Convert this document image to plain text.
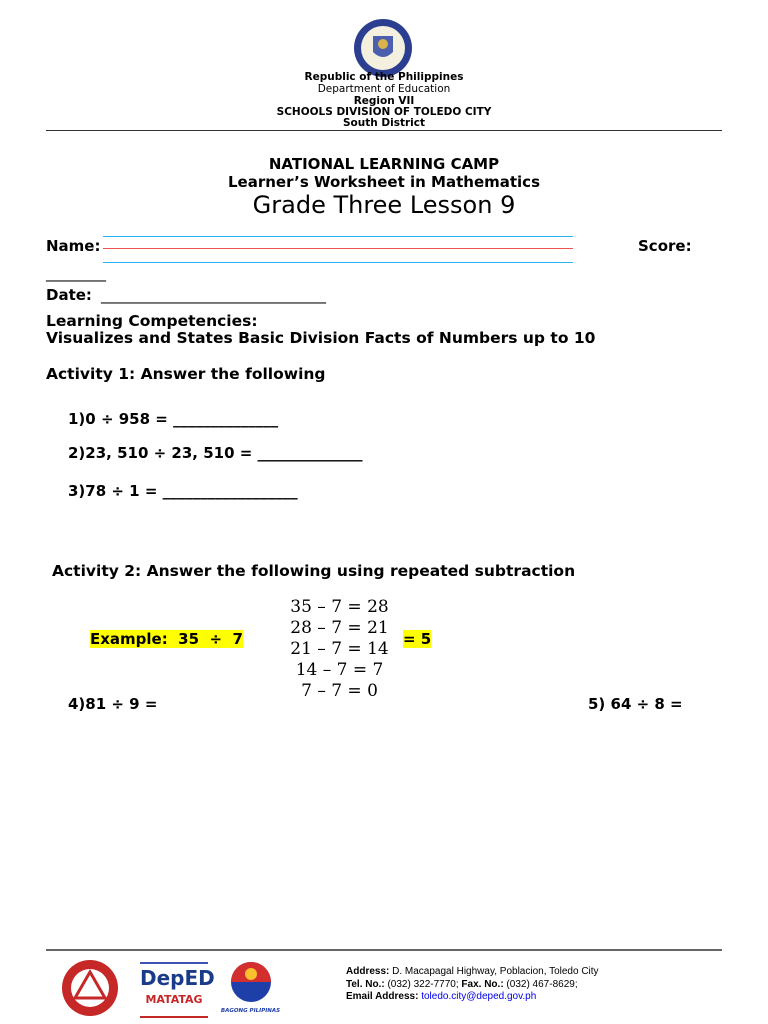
Republic of the Philippines
Department of Education
Region VII
SCHOOLS DIVISION OF TOLEDO CITY
South District
NATIONAL LEARNING CAMP
Learner’s Worksheet in Mathematics
Grade Three Lesson 9
Name:	Score:
________
Date: ______________________________
Learning Competencies:
Visualizes and States Basic Division Facts of Numbers up to 10
Activity 1: Answer the following
1)0 ÷ 958 = ______________
2)23, 510 ÷ 23, 510 = ______________
3)78 ÷ 1 = __________________
Activity 2: Answer the following using repeated subtraction
35 – 7 = 28
28 – 7 = 21
21 – 7 = 14
14 – 7 = 7
7 – 7 = 0
Example:  35  ÷  7	= 5
4)81 ÷ 9 =	5) 64 ÷ 8 =
DepED
MATATAG
BAGONG PILIPINAS
Address: D. Macapagal Highway, Poblacion, Toledo City
Tel. No.: (032) 322-7770; Fax. No.: (032) 467-8629;
Email Address: toledo.city@deped.gov.ph
